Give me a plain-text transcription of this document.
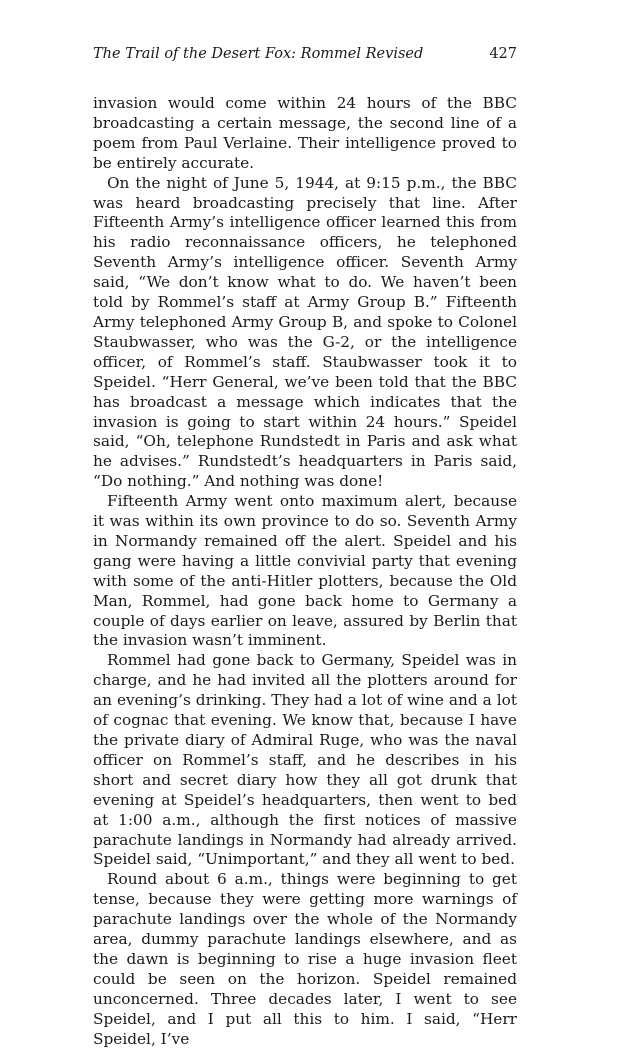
The Trail of the Desert Fox: Rommel Revised	427

invasion would come within 24 hours of the BBC broadcasting a certain message, the second line of a poem from Paul Verlaine. Their intelligence proved to be entirely accurate.

On the night of June 5, 1944, at 9:15 p.m., the BBC was heard broadcasting precisely that line. After Fifteenth Army’s intelligence officer learned this from his radio reconnaissance officers, he telephoned Seventh Army’s intelligence officer. Seventh Army said, “We don’t know what to do. We haven’t been told by Rommel’s staff at Army Group B.” Fifteenth Army telephoned Army Group B, and spoke to Colonel Staubwasser, who was the G-2, or the intelligence officer, of Rommel’s staff. Staubwasser took it to Speidel. “Herr General, we’ve been told that the BBC has broadcast a message which indicates that the invasion is going to start within 24 hours.” Speidel said, “Oh, telephone Rundstedt in Paris and ask what he advises.” Rundstedt’s headquarters in Paris said, “Do nothing.” And nothing was done!

Fifteenth Army went onto maximum alert, because it was within its own province to do so. Seventh Army in Normandy remained off the alert. Speidel and his gang were having a little convivial party that evening with some of the anti-Hitler plotters, because the Old Man, Rommel, had gone back home to Germany a couple of days earlier on leave, assured by Berlin that the invasion wasn’t imminent.

Rommel had gone back to Germany, Speidel was in charge, and he had invited all the plotters around for an evening’s drinking. They had a lot of wine and a lot of cognac that evening. We know that, because I have the private diary of Admiral Ruge, who was the naval officer on Rommel’s staff, and he describes in his short and secret diary how they all got drunk that evening at Speidel’s headquarters, then went to bed at 1:00 a.m., although the first notices of massive parachute landings in Normandy had already arrived. Speidel said, “Unimportant,” and they all went to bed.

Round about 6 a.m., things were beginning to get tense, because they were getting more warnings of parachute landings over the whole of the Normandy area, dummy parachute landings elsewhere, and as the dawn is beginning to rise a huge invasion fleet could be seen on the horizon. Speidel remained unconcerned. Three decades later, I went to see Speidel, and I put all this to him. I said, “Herr Speidel, I’ve
